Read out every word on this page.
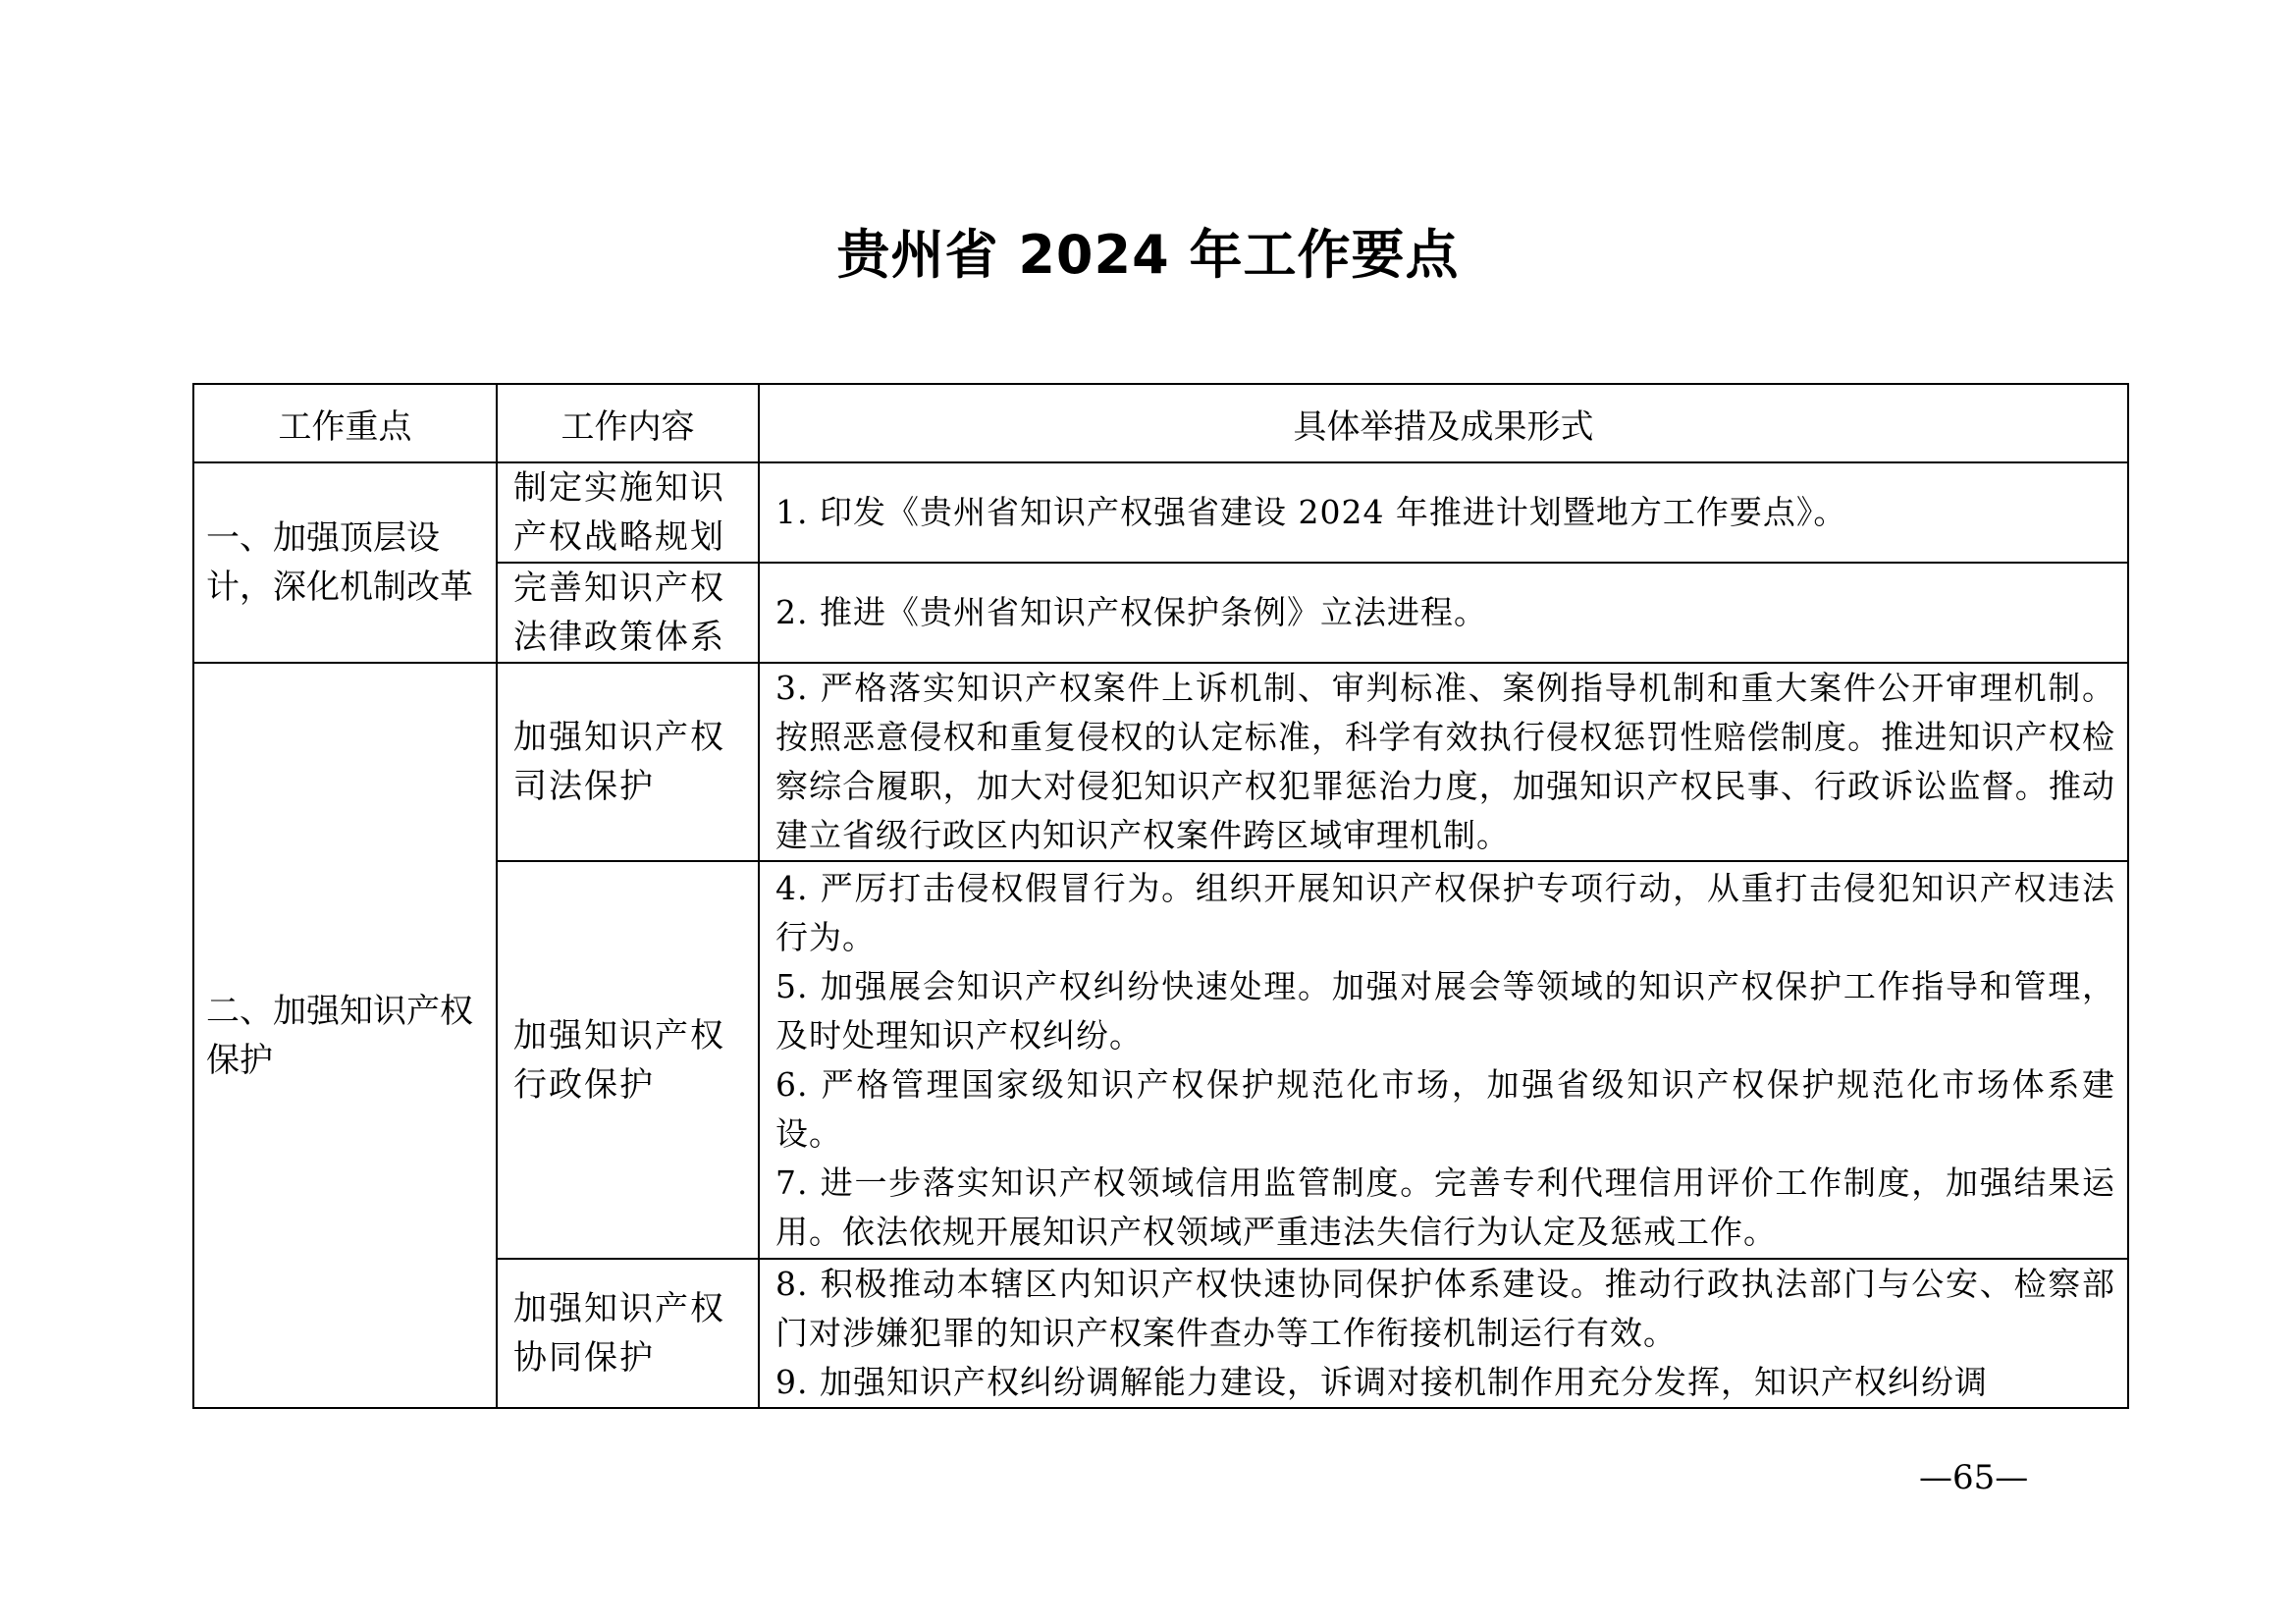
贵州省 2024 年工作要点
工作重点	工作内容	具体举措及成果形式
一、加强顶层设计，深化机制改革	制定实施知识产权战略规划	1. 印发《贵州省知识产权强省建设 2024 年推进计划暨地方工作要点》。

	完善知识产权法律政策体系	2. 推进《贵州省知识产权保护条例》立法进程。

二、加强知识产权保护	加强知识产权司法保护	3. 严格落实知识产权案件上诉机制、审判标准、案例指导机制和重大案件公开审理机制。按照恶意侵权和重复侵权的认定标准，科学有效执行侵权惩罚性赔偿制度。推进知识产权检察综合履职，加大对侵犯知识产权犯罪惩治力度，加强知识产权民事、行政诉讼监督。推动建立省级行政区内知识产权案件跨区域审理机制。

	加强知识产权行政保护	4. 严厉打击侵权假冒行为。组织开展知识产权保护专项行动，从重打击侵犯知识产权违法行为。

5. 加强展会知识产权纠纷快速处理。加强对展会等领域的知识产权保护工作指导和管理，及时处理知识产权纠纷。

6. 严格管理国家级知识产权保护规范化市场，加强省级知识产权保护规范化市场体系建设。

7. 进一步落实知识产权领域信用监管制度。完善专利代理信用评价工作制度，加强结果运用。依法依规开展知识产权领域严重违法失信行为认定及惩戒工作。

	加强知识产权协同保护	8. 积极推动本辖区内知识产权快速协同保护体系建设。推动行政执法部门与公安、检察部门对涉嫌犯罪的知识产权案件查办等工作衔接机制运行有效。

9. 加强知识产权纠纷调解能力建设，诉调对接机制作用充分发挥，知识产权纠纷调

—65—
